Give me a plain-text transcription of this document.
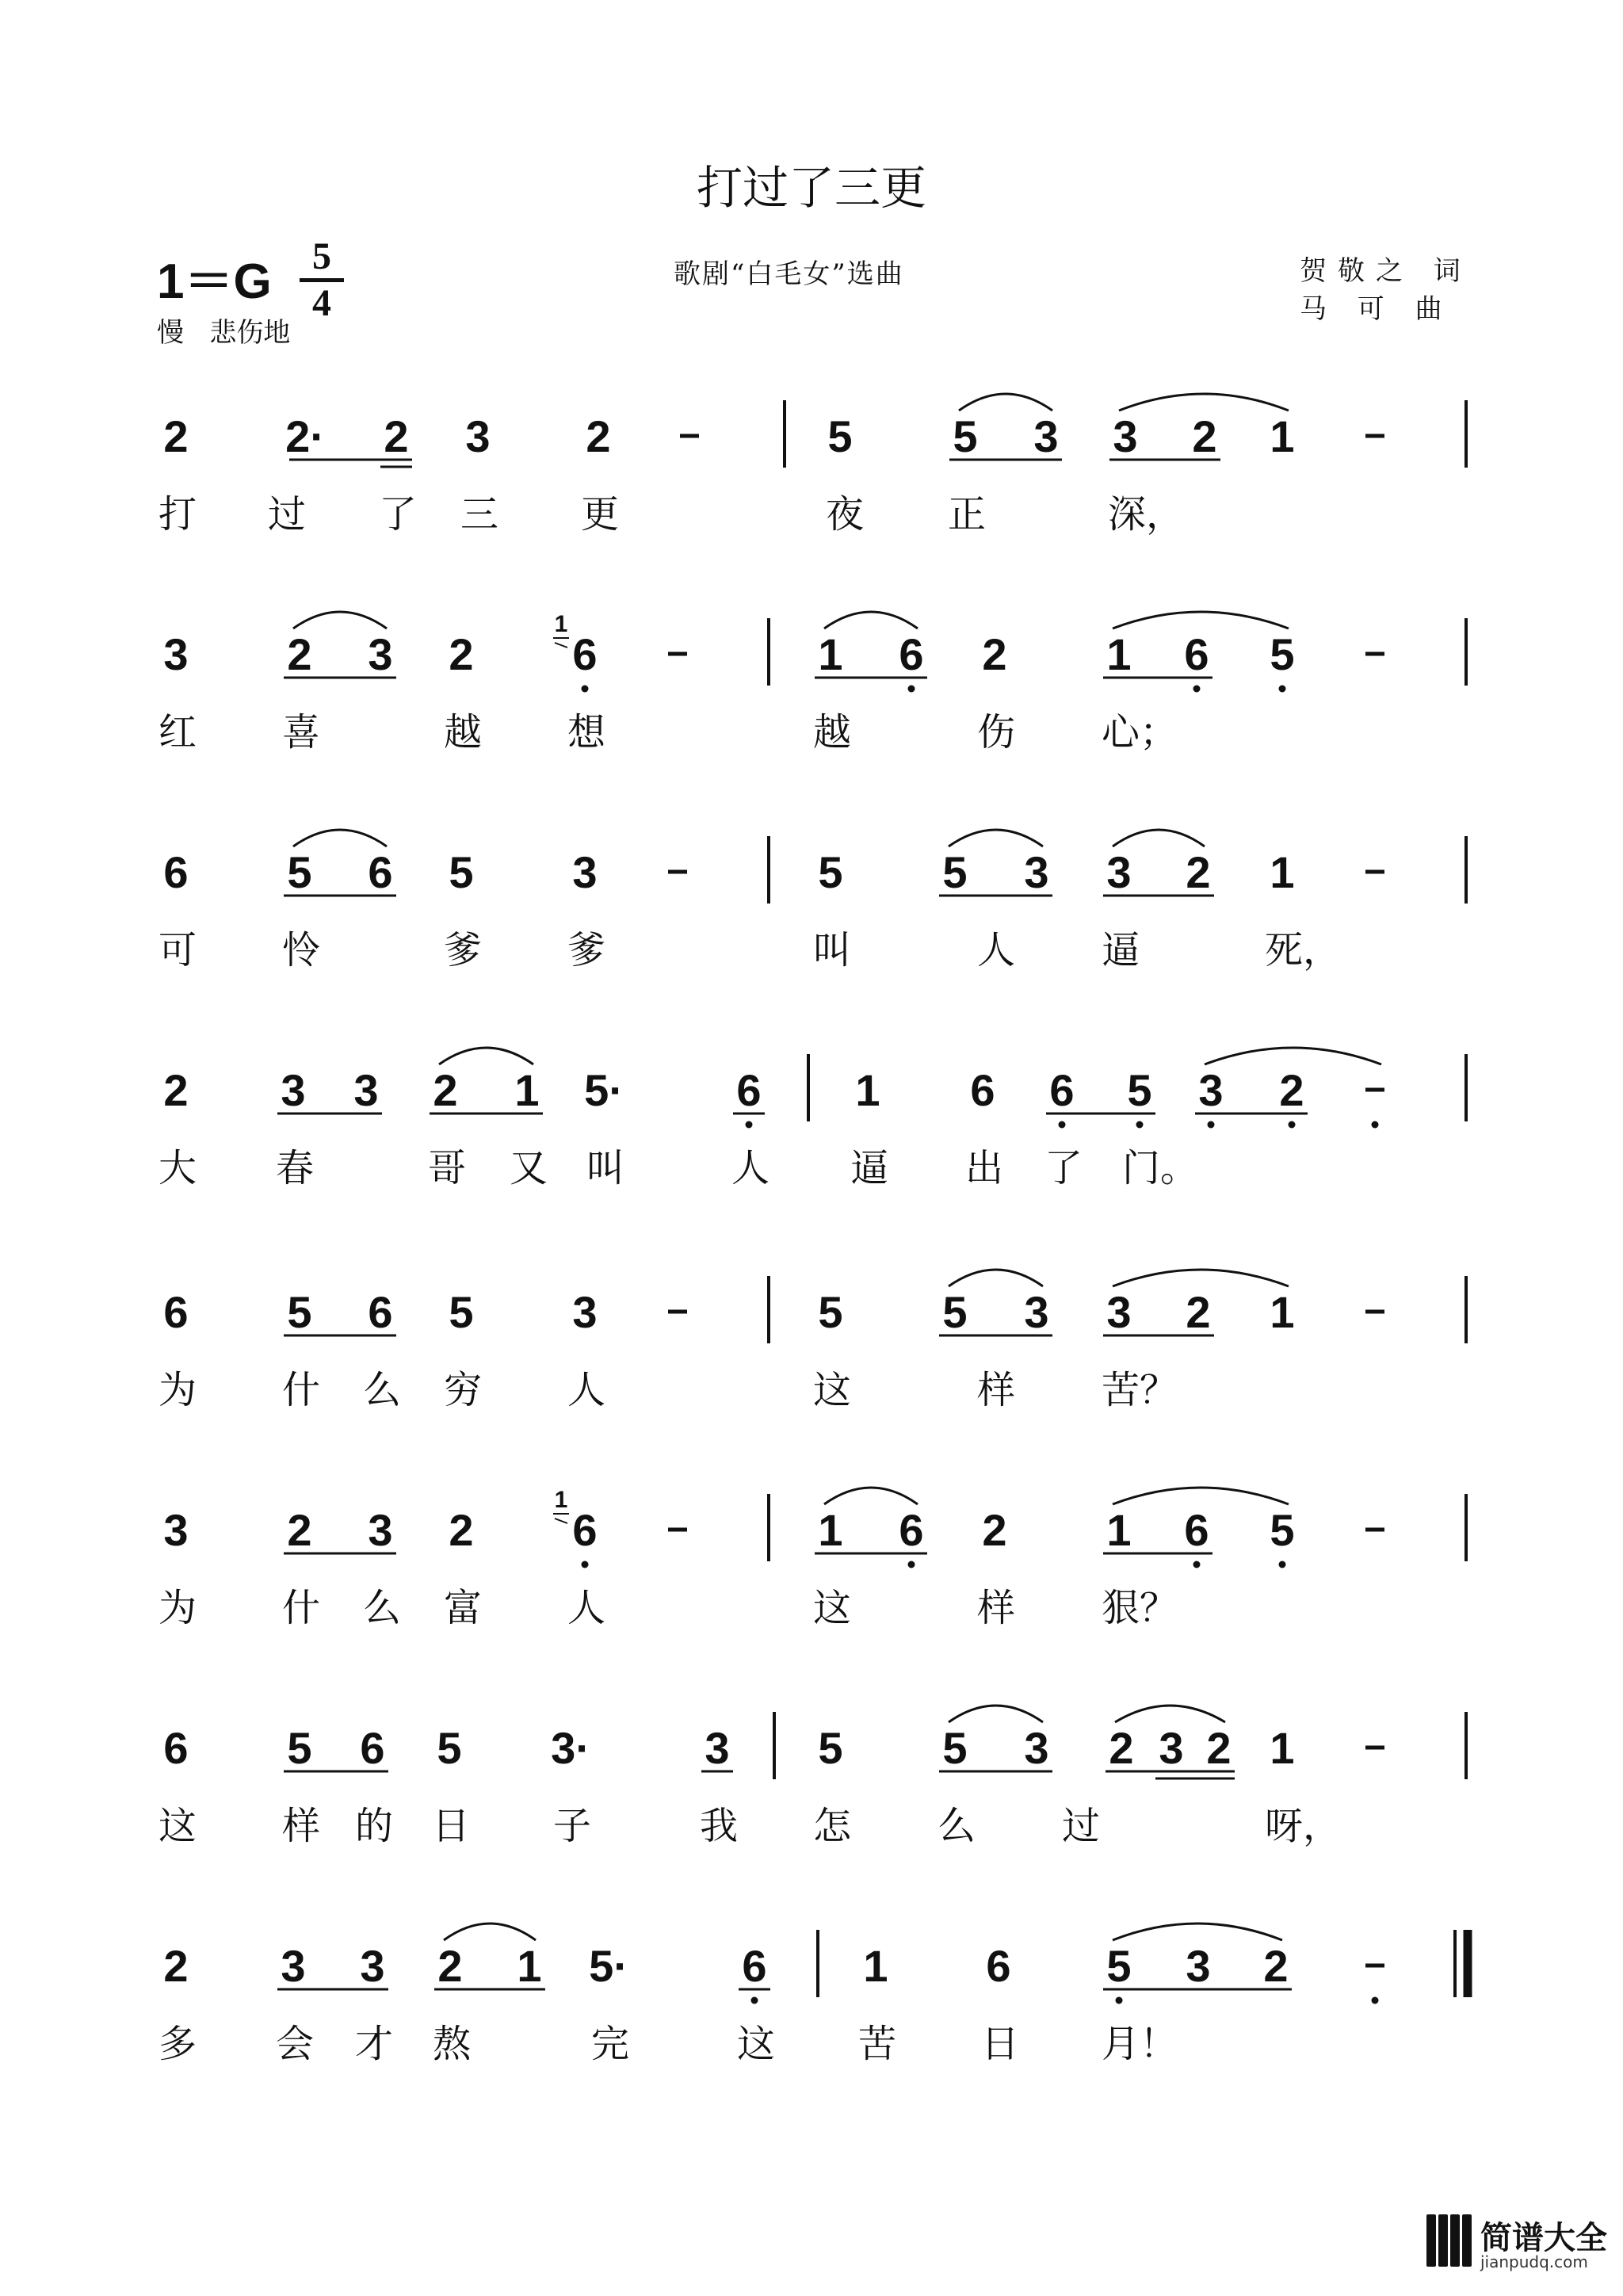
打过了三更
1＝G	5
4
慢   悲伤地
歌剧“白毛女”选曲	贺敬之 词
马 可 曲
2 2· 2 3 2	5 5 3 3 2 1
打 过 了 三 更	夜 正	深，
3 2 3 2 6	1 6 2 1 6 5
1
红 喜	越 想	越	伤 心；
6 5 6 5 3	5 5 3 3 2 1
可 怜	爹 爹	叫	人 逼	死，
2 3 3 2 1 5·	6 1 6 6 5 3 2
大 春	哥 又 叫	人 逼 出 了 门。
6 5 6 5 3	5 5 3 3 2 1
为 什 么 穷 人	这	样 苦？
3 2 3 2 6	1 6 2 1 6 5
1
为 什 么 富 人	这	样 狠？
6 5 6 5 3·	3 5 5 3 2 3 2 1
这 样 的 日 子	我 怎 么 过	呀，
2 3 3 2 1 5·	6 1 6 5 3 2
多 会 才 熬	完	这 苦 日 月！
简谱大全
jianpudq.com
